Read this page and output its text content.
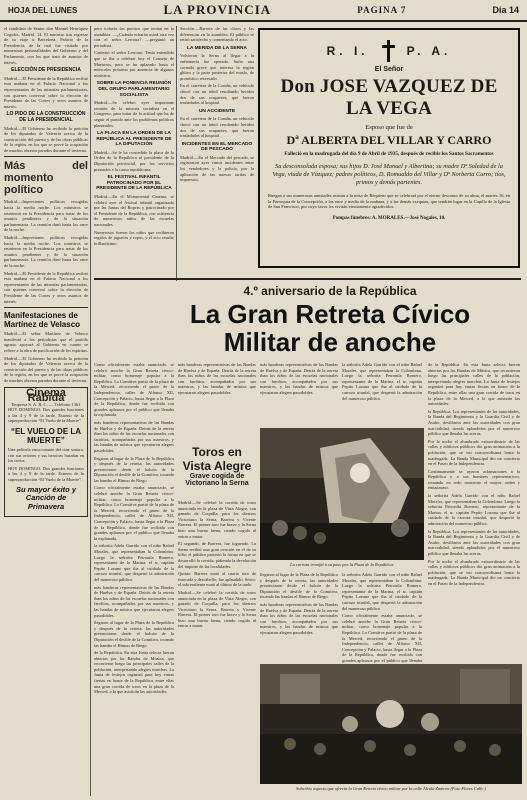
HOJA DEL LUNES	LA PROVINCIA	PAGINA 7	Día 14

el candidato de Senior don Manuel Henríquez Cogidos, Madrid. 14. El ministro tras regresar de su viaje a Barcelona, Palacio de la Presidencia, de la cual fue visitado por numerosas personalidades del Gobierno y del Parlamento, con los que trató de asuntos de interés.

ELECCIÓN DE PRESIDENCIA

Madrid.—El Presidente de la República recibió esta mañana en el Palacio Nacional a los representantes de las minorías parlamentarias, con quienes conversó sobre la elección de Presidente de las Cortes y otros asuntos de interés.

LO PIDO DE LA CONSTRUCCIÓN DE LA PRESIDENCIAL

Madrid.—El Gobierno ha recibido la petición de los diputados de Valencia acerca de la construcción del puerto y de las obras públicas de la región, en los que se prevé la ocupación de muchos obreros parados durante el invierno.

Más del momento político

Madrid.—Impresiones políticas recogidas hacia la media noche. Los ministros se reunieron en la Presidencia para tratar de los asuntos pendientes y de la situación parlamentaria. La reunión duró hasta las once de la noche.

Madrid.—Impresiones políticas recogidas hacia la media noche. Los ministros se reunieron en la Presidencia para tratar de los asuntos pendientes y de la situación parlamentaria. La reunión duró hasta las once de la noche.

Madrid.—El Presidente de la República recibió esta mañana en el Palacio Nacional a los representantes de las minorías parlamentarias, con quienes conversó sobre la elección de Presidente de las Cortes y otros asuntos de interés.

Manifestaciones de Martínez de Velasco

Madrid.—El señor Martínez de Velasco manifestó a los periodistas que el partido agrario apoyará al Gobierno en cuanto se refiere a la obra de pacificación de los espíritus.

Madrid.—El Gobierno ha recibido la petición de los diputados de Valencia acerca de la construcción del puerto y de las obras públicas de la región, en los que se prevé la ocupación de muchos obreros parados durante el invierno.

Cinema Rábida
Empresa S. A. R. C. — Teléfono 1361

HOY DOMINGO. Dos grandes funciones a las 4 y 9 de la tarde. Estreno de la superproducción “El Vuelo de la Muerte”.

“EL VUELO DE LA MUERTE”

Una película emocionante del cine sonoro, con sus aviones y sus heroicas hazañas en los cielos.

HOY DOMINGO. Dos grandes funciones a las 4 y 9 de la tarde. Estreno de la superproducción “El Vuelo de la Muerte”.

Su mayor éxito y Canción de Primavera

pero todavía los puestos que tenían en la asamblea. —¿Cuándo echarán usted otra vez con el señor Lerroux? —preguntó un periodista.

Contestó el señor Lerroux: Tenía entendido que se iba a celebrar hoy el Consejo de Ministros, pero se ha aplazado hasta el miércoles próximo por ausencia de algunos ministros.

SOBRE LA PONENCIA REUNIÓN DEL GRUPO PARLAMENTARIO SOCIALISTA

Madrid.—Se celebró ayer importante reunión de la minoría socialista en el Congreso, para tratar de la actitud que ha de seguir el partido ante los problemas políticos planteados.

LA PLACA EN LA ORDEN DE LA REPÚBLICA AL PRESIDENTE DE LA DIPUTACIÓN

Madrid.—Se le ha concedido la placa de la Orden de la República al presidente de la Diputación provincial, por los servicios prestados a la causa republicana.

EL FESTIVAL INFANTIL PATROCINADO POR EL PRESIDENTE DE LA REPÚBLICA

Madrid.—En el Monumental Cinema, se celebró ayer el festival infantil organizado por las Juntas del Ropero y patrocinado por el Presidente de la República, con asistencia de numerosos niños de las escuelas nacionales.

Numerosos fueron los niños que recibieron regalos de juguetes y ropas, y el acto resultó brillantísimo.

Sección.—Barrera de las clases y las diferencias en la asamblea. El público se retiró satisfecho y comentando el acto.

LA MERIDA DE LA SERNA

Volvieron la Serna al llegar a la enfermería fue operado. Sufre una cornada grave que interesa la región glútea y la parte posterior del muslo, de pronóstico reservado.

En el carretera de la Coruña, un vehículo chocó con un árbol resultando heridos dos de sus ocupantes, que fueron trasladados al hospital.

UN ACCIDENTE

En el carretera de la Coruña, un vehículo chocó con un árbol resultando heridos dos de sus ocupantes, que fueron trasladados al hospital.

INCIDENTES EN EL MERCADO DE PESCADO

Madrid.—En el Mercado del pescado, se registraron ayer varios incidentes entre los vendedores y la policía, por la aplicación de las nuevas tarifas de impuestos.

R. I.	P. A.
El Señor
Don JOSE VAZQUEZ DE LA VEGA
Esposo que fue de
Dª ALBERTA DEL VILLAR Y CARRO
Falleció en la madrugada del día 9 de Abril de 1935, después de recibir los Santos Sacramentos
Su desconsolada esposa; sus hijos D. José Manuel y Albertina; su madre Dª Soledad de la Vega, viuda de Vázquez; padres políticos, D. Romualdo del Villar y Dª Norberta Carro; tíos, primos y demás parientes.
Ruegan a sus numerosas amistades asistan a la misa de Réquiem que se celebrará por el eterno descanso de su alma, el martes 16, en la Parroquia de la Concepción, a las once y media de la mañana, y a las demás exequias, que tendrán lugar en la Capilla de la Iglesia de San Francisco, por cuyo favor les vivirán eternamente agradecidos.
Pompas fúnebres: A. MORALES.—José Nogales, 10.
4.º aniversario de la República
La Gran Retreta Cívico
Militar de anoche

Como oficialmente estaba anunciado, se celebró anoche la Gran Retreta cívico-militar, como homenaje popular a la República. La Comitiva partió de la plaza de la Merced, recorriendo el paseo de la Independencia, calles de Alfonso XII, Concepción y Palacio, hasta llegar a la Plaza de la República, donde fue recibida con grandes aplausos por el público que llenaba la explanada.

más banderas representativas de las Bandas de Huelva y de España. Detrás de la retreta iban los niños de las escuelas nacionales con farolitos, acompañados por sus maestros, y las bandas de música que ejecutaron alegres pasodobles.

llegaron al lugar de la Plaza de la República y después de la retreta, las autoridades presenciaron desde el balcón de la Diputación el desfile de la Comitiva, tocando las bandas el Himno de Riego.

Como oficialmente estaba anunciado, se celebró anoche la Gran Retreta cívico-militar, como homenaje popular a la República. La Comitiva partió de la plaza de la Merced, recorriendo el paseo de la Independencia, calles de Alfonso XII, Concepción y Palacio, hasta llegar a la Plaza de la República, donde fue recibida con grandes aplausos por el público que llenaba la explanada.

la señorita Adela Garrido con el niño Rafael Morales, que representaban la Colombina. Luego la señorita Petronila Romero, representante de la Marina, el sr. capitán Pepito Lozano que iba al cuidado de la carroza triunfal, que despertó la admiración del numeroso público.

más banderas representativas de las Bandas de Huelva y de España. Detrás de la retreta iban los niños de las escuelas nacionales con farolitos, acompañados por sus maestros, y las bandas de música que ejecutaron alegres pasodobles.

llegaron al lugar de la Plaza de la República y después de la retreta, las autoridades presenciaron desde el balcón de la Diputación el desfile de la Comitiva, tocando las bandas el Himno de Riego.

de la República. En esta Junta selecta fueron abiertas por las Bandas de Música, que recorrieron luego las principales calles de la población, interpretando alegres marchas. La Junta de festejos organizó para hoy varias fiestas en honor de la República, entre ellas una gran corrida de toros en la plaza de la Merced, a la que asistirán las autoridades.

Toros en Vista Alegre
Grave cogida de Victoriano la Serna

Madrid.—Se celebró la corrida de toros anunciada en la plaza de Vista Alegre, con ganado de Coquilla, para los diestros Victoriano la Serna, Barrera y Vicente Barrera. El primer toro fue bravo y la Serna hizo una buena faena, siendo cogido al entrar a matar.

El segundo, de Barrera, fue fogueado. La Serna recibió una gran ovación en el de su lidia; el público protestó la forma en que se desarrolló la corrida, pidiendo la devolución del importe de las localidades.

Quinto: Barrera mató al cuarto toro de estocada y descabello; fue aplaudido. Sexto: el sobresaliente mató al último de la tarde.

Madrid.—Se celebró la corrida de toros anunciada en la plaza de Vista Alegre, con ganado de Coquilla, para los diestros Victoriano la Serna, Barrera y Vicente Barrera. El primer toro fue bravo y la Serna hizo una buena faena, siendo cogido al entrar a matar.

más banderas representativas de las Bandas de Huelva y de España. Detrás de la retreta iban los niños de las escuelas nacionales con farolitos, acompañados por sus maestros, y las bandas de música que ejecutaron alegres pasodobles.

más banderas representativas de las Bandas de Huelva y de España. Detrás de la retreta iban los niños de las escuelas nacionales con farolitos, acompañados por sus maestros, y las bandas de música que ejecutaron alegres pasodobles.

la señorita Adela Garrido con el niño Rafael Morales, que representaban la Colombina. Luego la señorita Petronila Romero, representante de la Marina, el sr. capitán Pepito Lozano que iba al cuidado de la carroza triunfal, que despertó la admiración del numeroso público.

de la República. En esta Junta selecta fueron abiertas por las Bandas de Música, que recorrieron luego las principales calles de la población, interpretando alegres marchas. La Junta de festejos organizó para hoy varias fiestas en honor de la República, entre ellas una gran corrida de toros en la plaza de la Merced, a la que asistirán las autoridades.

la República. Los representantes de las autoridades, la Banda del Regimiento y la Guardia Civil y de Asalto, desfilaron ante las autoridades con gran marcialidad, siendo aplaudidos por el numeroso público que llenaba las aceras.

Por la noche el alumbrado extraordinario de las calles y edificios públicos dio gran animación a la población, que se vio concurridísima hasta la madrugada. La Banda Municipal dio un concierto en el Paseo de la Independencia.

Continuamente se oyeron aclamaciones a la República y a sus hombres representativos, reinando en todo momento el mayor orden y entusiasmo.

la señorita Adela Garrido con el niño Rafael Morales, que representaban la Colombina. Luego la señorita Petronila Romero, representante de la Marina, el sr. capitán Pepito Lozano que iba al cuidado de la carroza triunfal, que despertó la admiración del numeroso público.

la República. Los representantes de las autoridades, la Banda del Regimiento y la Guardia Civil y de Asalto, desfilaron ante las autoridades con gran marcialidad, siendo aplaudidos por el numeroso público que llenaba las aceras.

Por la noche el alumbrado extraordinario de las calles y edificios públicos dio gran animación a la población, que se vio concurridísima hasta la madrugada. La Banda Municipal dio un concierto en el Paseo de la Independencia.

La carroza triunfal a su paso por la Plaza de la República.

llegaron al lugar de la Plaza de la República y después de la retreta, las autoridades presenciaron desde el balcón de la Diputación el desfile de la Comitiva, tocando las bandas el Himno de Riego.

más banderas representativas de las Bandas de Huelva y de España. Detrás de la retreta iban los niños de las escuelas nacionales con farolitos, acompañados por sus maestros, y las bandas de música que ejecutaron alegres pasodobles.

la señorita Adela Garrido con el niño Rafael Morales, que representaban la Colombina. Luego la señorita Petronila Romero, representante de la Marina, el sr. capitán Pepito Lozano que iba al cuidado de la carroza triunfal, que despertó la admiración del numeroso público.

Como oficialmente estaba anunciado, se celebró anoche la Gran Retreta cívico-militar, como homenaje popular a la República. La Comitiva partió de la plaza de la Merced, recorriendo el paseo de la Independencia, calles de Alfonso XII, Concepción y Palacio, hasta llegar a la Plaza de la República, donde fue recibida con grandes aplausos por el público que llenaba

Soberbio aspecto que ofrecía la Gran Retreta cívico militar por la calle Alcalá Zamora (Foto Flores Calle.)
